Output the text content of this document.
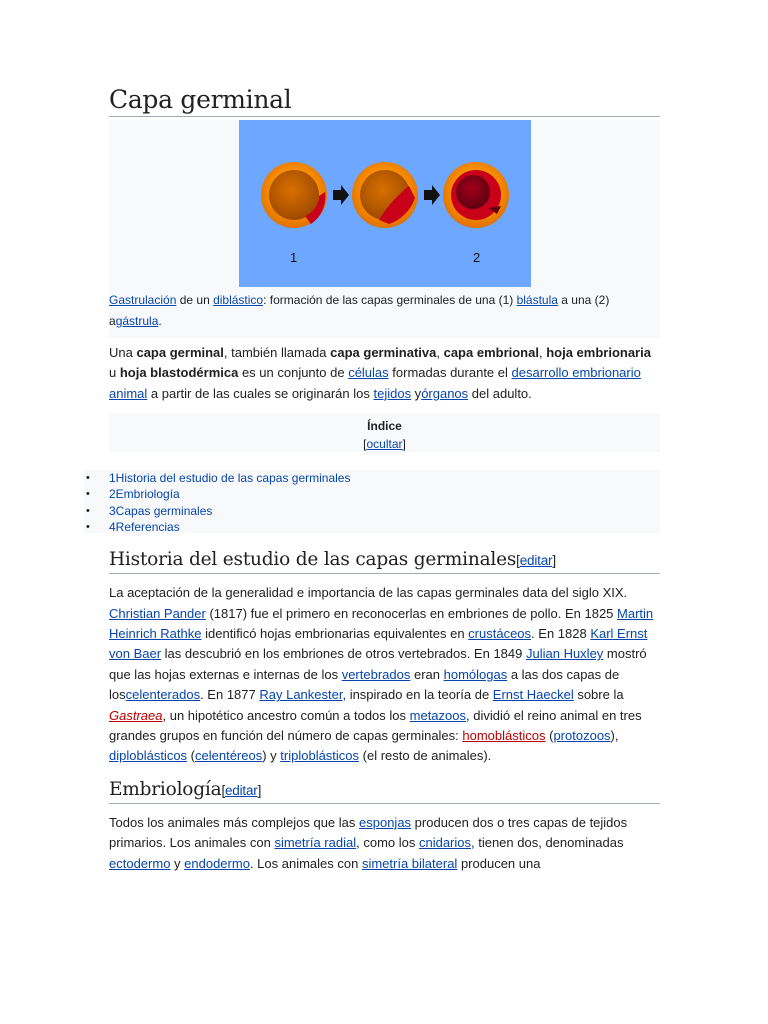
Capa germinal
1	2
Gastrulación de un diblástico: formación de las capas germinales de una (1) blástula a una (2) agástrula.

Una capa germinal, también llamada capa germinativa, capa embrional, hoja embrionaria u hoja blastodérmica es un conjunto de células formadas durante el desarrollo embrionario animal a partir de las cuales se originarán los tejidos yórganos del adulto.

Índice
[ocultar]
• 1Historia del estudio de las capas germinales
• 2Embriología
• 3Capas germinales
• 4Referencias
Historia del estudio de las capas germinales[editar]

La aceptación de la generalidad e importancia de las capas germinales data del siglo XIX. Christian Pander (1817) fue el primero en reconocerlas en embriones de pollo. En 1825 Martin Heinrich Rathke identificó hojas embrionarias equivalentes en crustáceos. En 1828 Karl Ernst von Baer las descubrió en los embriones de otros vertebrados. En 1849 Julian Huxley mostró que las hojas externas e internas de los vertebrados eran homólogas a las dos capas de loscelenterados. En 1877 Ray Lankester, inspirado en la teoría de Ernst Haeckel sobre la Gastraea, un hipotético ancestro común a todos los metazoos, dividió el reino animal en tres grandes grupos en función del número de capas germinales: homoblásticos (protozoos), diploblásticos (celentéreos) y triploblásticos (el resto de animales).

Embriología[editar]

Todos los animales más complejos que las esponjas producen dos o tres capas de tejidos primarios. Los animales con simetría radial, como los cnidarios, tienen dos, denominadas ectodermo y endodermo. Los animales con simetría bilateral producen una
